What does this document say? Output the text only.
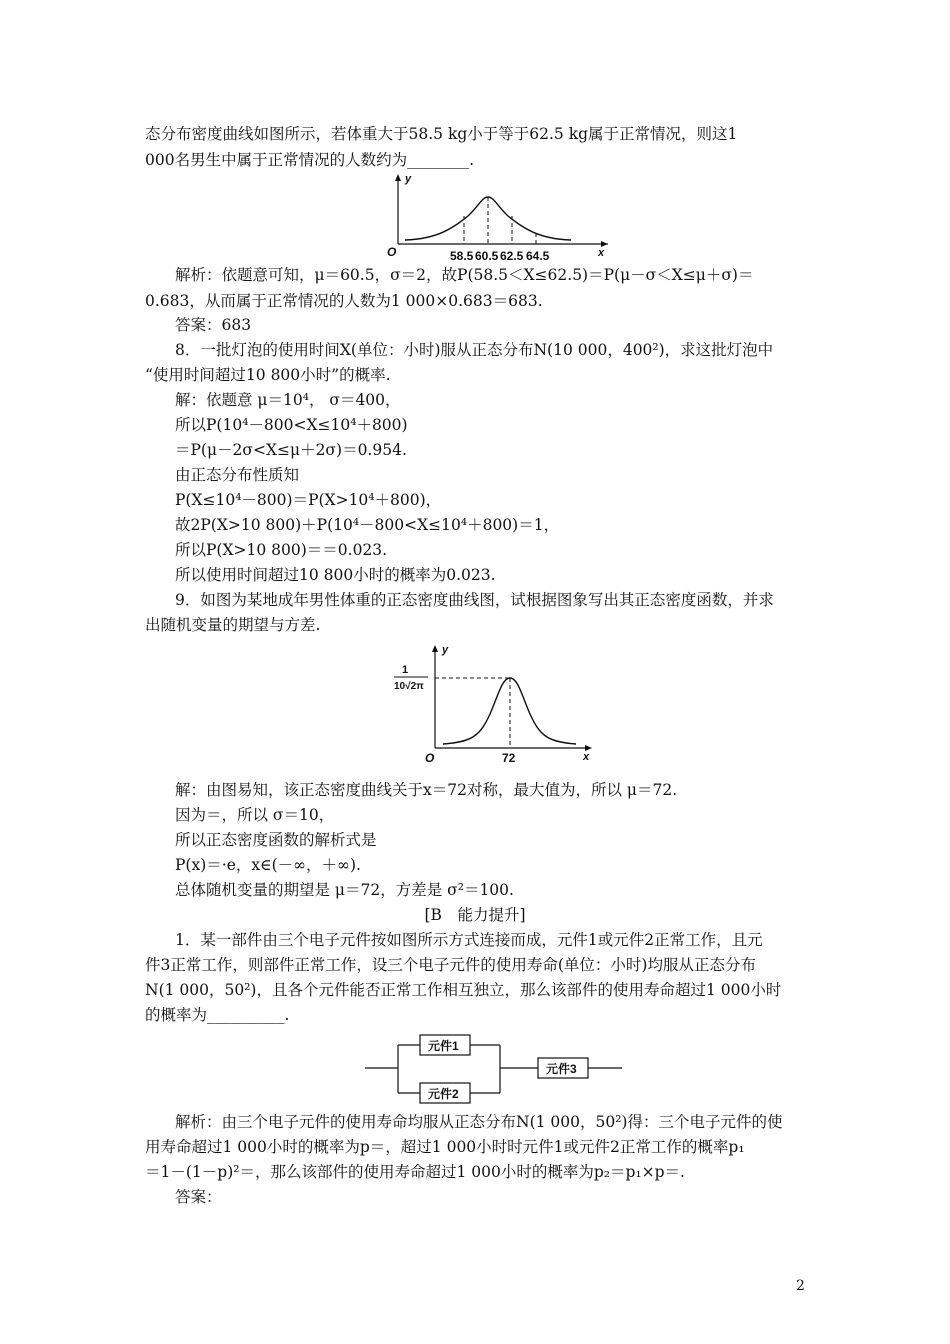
态分布密度曲线如图所示，若体重大于58.5 kg小于等于62.5 kg属于正常情况，则这1
000名男生中属于正常情况的人数约为________.
y
O	x
58.5 60.5 62.5 64.5
解析：依题意可知，μ＝60.5，σ＝2，故P(58.5＜X≤62.5)＝P(μ－σ＜X≤μ＋σ)＝
0.683，从而属于正常情况的人数为1 000×0.683＝683.
答案：683
8．一批灯泡的使用时间X(单位：小时)服从正态分布N(10 000，400²)，求这批灯泡中
“使用时间超过10 800小时”的概率.
解：依题意 μ＝10⁴， σ＝400，
所以P(10⁴－800<X≤10⁴＋800)
＝P(μ－2σ<X≤μ＋2σ)＝0.954.
由正态分布性质知
P(X≤10⁴－800)＝P(X>10⁴＋800)，
故2P(X>10 800)＋P(10⁴－800<X≤10⁴＋800)＝1，
所以P(X>10 800)＝＝0.023.
所以使用时间超过10 800小时的概率为0.023.
9．如图为某地成年男性体重的正态密度曲线图，试根据图象写出其正态密度函数，并求
出随机变量的期望与方差.
y
1
10√2π
O	72	x
解：由图易知，该正态密度曲线关于x＝72对称，最大值为，所以 μ＝72.
因为＝，所以 σ＝10，
所以正态密度函数的解析式是
P(x)＝·e，x∈(－∞，＋∞).
总体随机变量的期望是 μ＝72，方差是 σ²＝100.
[B　能力提升]
1．某一部件由三个电子元件按如图所示方式连接而成，元件1或元件2正常工作，且元
件3正常工作，则部件正常工作，设三个电子元件的使用寿命(单位：小时)均服从正态分布
N(1 000，50²)，且各个元件能否正常工作相互独立，那么该部件的使用寿命超过1 000小时
的概率为__________.
元件1
元件2
元件3
解析：由三个电子元件的使用寿命均服从正态分布N(1 000，50²)得：三个电子元件的使
用寿命超过1 000小时的概率为p＝，超过1 000小时时元件1或元件2正常工作的概率p₁
＝1－(1－p)²＝，那么该部件的使用寿命超过1 000小时的概率为p₂＝p₁×p＝.
答案：
2
